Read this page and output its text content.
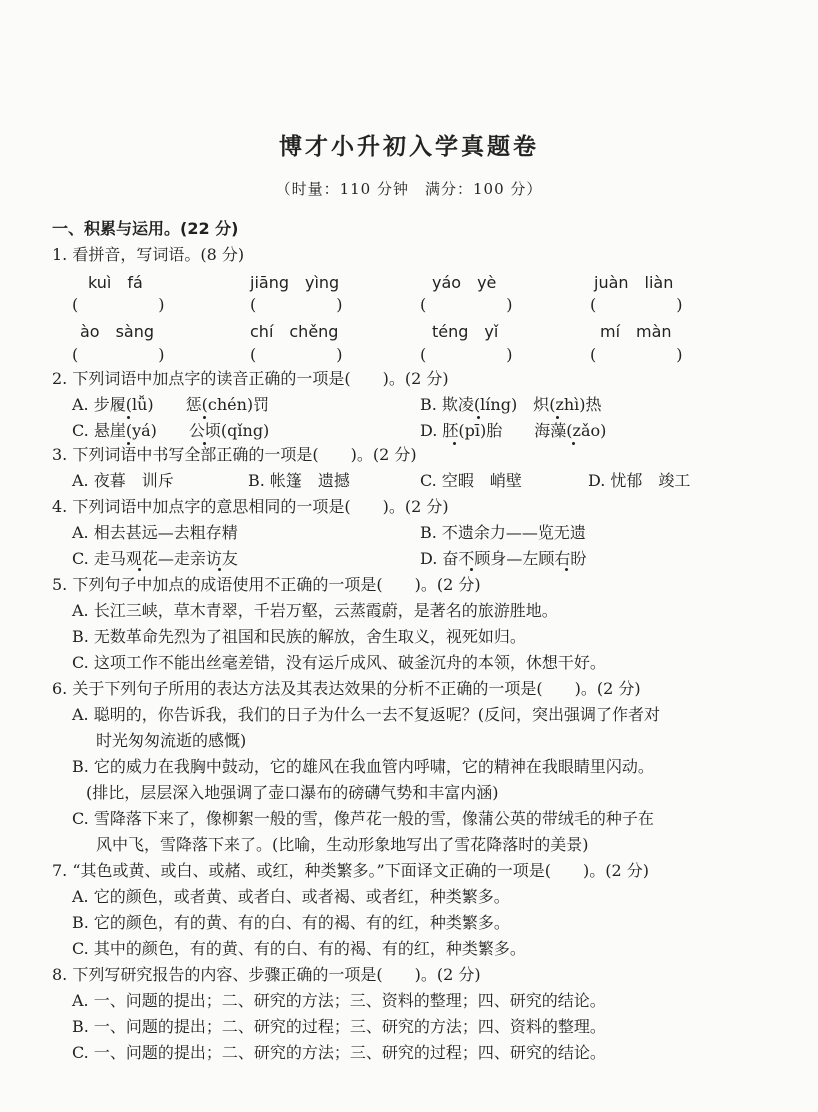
博才小升初入学真题卷
（时量：110 分钟　满分：100 分）
一、积累与运用。(22 分)
1. 看拼音，写词语。(8 分)
kuì　fá	jiāng　yìng	yáo　yè	juàn　liàn
(　　　　　)	(　　　　　)	(　　　　　)	(　　　　　)
ào　sàng	chí　chěng	téng　yǐ	mí　màn
(　　　　　)	(　　　　　)	(　　　　　)	(　　　　　)
2. 下列词语中加点字的读音正确的一项是(　　)。(2 分)
A. 步履(lǚ)　　惩(chén)罚	B. 欺凌(líng)　炽(zhì)热
C. 悬崖(yá)　　公顷(qǐng)	D. 胚(pī)胎　　海藻(zǎo)
3. 下列词语中书写全部正确的一项是(　　)。(2 分)
A. 夜暮　训斥	B. 帐篷　遗撼	C. 空暇　峭壁	D. 忧郁　竣工
4. 下列词语中加点字的意思相同的一项是(　　)。(2 分)
A. 相去甚远—去粗存精	B. 不遗余力——览无遗
C. 走马观花—走亲访友	D. 奋不顾身—左顾右盼
5. 下列句子中加点的成语使用不正确的一项是(　　)。(2 分)
A. 长江三峡，草木青翠，千岩万壑，云蒸霞蔚，是著名的旅游胜地。
B. 无数革命先烈为了祖国和民族的解放，舍生取义，视死如归。
C. 这项工作不能出丝毫差错，没有运斤成风、破釜沉舟的本领，休想干好。
6. 关于下列句子所用的表达方法及其表达效果的分析不正确的一项是(　　)。(2 分)
A. 聪明的，你告诉我，我们的日子为什么一去不复返呢？(反问，突出强调了作者对
时光匆匆流逝的感慨)
B. 它的威力在我胸中鼓动，它的雄风在我血管内呼啸，它的精神在我眼睛里闪动。
(排比，层层深入地强调了壶口瀑布的磅礴气势和丰富内涵)
C. 雪降落下来了，像柳絮一般的雪，像芦花一般的雪，像蒲公英的带绒毛的种子在
风中飞，雪降落下来了。(比喻，生动形象地写出了雪花降落时的美景)
7. “其色或黄、或白、或赭、或红，种类繁多。”下面译文正确的一项是(　　)。(2 分)
A. 它的颜色，或者黄、或者白、或者褐、或者红，种类繁多。
B. 它的颜色，有的黄、有的白、有的褐、有的红，种类繁多。
C. 其中的颜色，有的黄、有的白、有的褐、有的红，种类繁多。
8. 下列写研究报告的内容、步骤正确的一项是(　　)。(2 分)
A. 一、问题的提出；二、研究的方法；三、资料的整理；四、研究的结论。
B. 一、问题的提出；二、研究的过程；三、研究的方法；四、资料的整理。
C. 一、问题的提出；二、研究的方法；三、研究的过程；四、研究的结论。
